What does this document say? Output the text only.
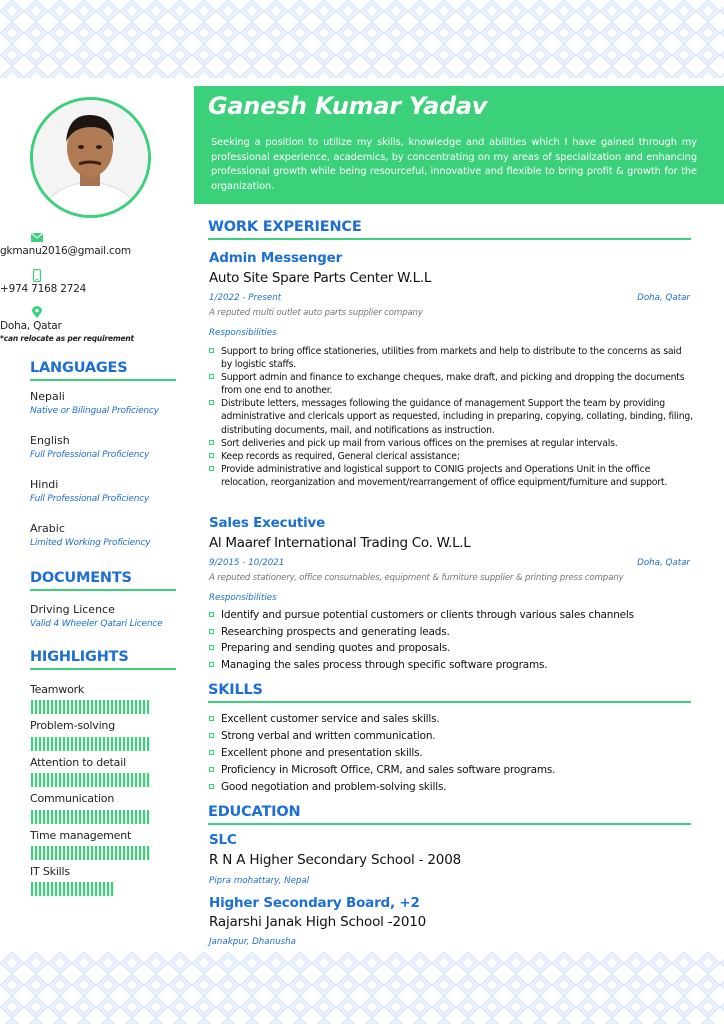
gkmanu2016@gmail.com
+974 7168 2724
Doha, Qatar
*can relocate as per requirement
LANGUAGES
Nepali
Native or Bilingual Proficiency
English
Full Professional Proficiency
Hindi
Full Professional Proficiency
Arabic
Limited Working Proficiency
DOCUMENTS
Driving Licence
Valid 4 Wheeler Qatari Licence
HIGHLIGHTS
Teamwork
Problem-solving
Attention to detail
Communication
Time management
IT Skills
Ganesh Kumar Yadav
Seeking a position to utilize my skills, knowledge and abilities which I have gained through my professional experience, academics, by concentrating on my areas of specialization and enhancing professional growth while being resourceful, innovative and flexible to bring profit & growth for the organization.
WORK EXPERIENCE
Admin Messenger
Auto Site Spare Parts Center W.L.L
1/2022 - Present	Doha, Qatar
A reputed multi outlet auto parts supplier company
Responsibilities
Support to bring office stationeries, utilities from markets and help to distribute to the concerns as said by logistic staffs.
Support admin and finance to exchange cheques, make draft, and picking and dropping the documents from one end to another.
Distribute letters, messages following the guidance of management Support the team by providing administrative and clericals upport as requested, including in preparing, copying, collating, binding, filing, distributing documents, mail, and notifications as instruction.
Sort deliveries and pick up mail from various offices on the premises at regular intervals.
Keep records as required, General clerical assistance;
Provide administrative and logistical support to CONIG projects and Operations Unit in the office relocation, reorganization and movement/rearrangement of office equipment/furniture and support.
Sales Executive
Al Maaref International Trading Co. W.L.L
9/2015 - 10/2021	Doha, Qatar
A reputed stationery, office consumables, equipment & furniture supplier & printing press company
Responsibilities
Identify and pursue potential customers or clients through various sales channels
Researching prospects and generating leads.
Preparing and sending quotes and proposals.
Managing the sales process through specific software programs.
SKILLS
Excellent customer service and sales skills.
Strong verbal and written communication.
Excellent phone and presentation skills.
Proficiency in Microsoft Office, CRM, and sales software programs.
Good negotiation and problem-solving skills.
EDUCATION
SLC
R N A Higher Secondary School - 2008
Pipra mohattary, Nepal
Higher Secondary Board, +2
Rajarshi Janak High School -2010
Janakpur, Dhanusha
